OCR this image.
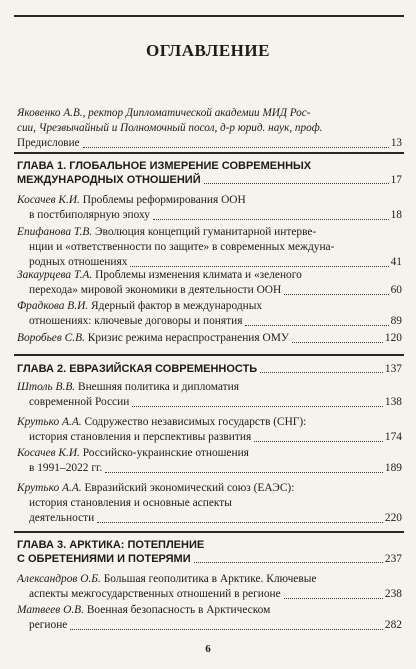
ОГЛАВЛЕНИЕ
Яковенко А.В., ректор Дипломатической академии МИД Рос-
сии, Чрезвычайный и Полномочный посол, д-р юрид. наук, проф.
Предисловие	13
ГЛАВА 1. ГЛОБАЛЬНОЕ ИЗМЕРЕНИЕ СОВРЕМЕННЫХ
МЕЖДУНАРОДНЫХ ОТНОШЕНИЙ	17
Косачев К.И. Проблемы реформирования ООН
в постбиполярную эпоху	18
Епифанова Т.В. Эволюция концепций гуманитарной интерве-
нции и «ответственности по защите» в современных междуна-
родных отношениях	41
Закаурцева Т.А. Проблемы изменения климата и «зеленого
перехода» мировой экономики в деятельности ООН	60
Фрадкова В.И. Ядерный фактор в международных
отношениях: ключевые договоры и понятия	89
Воробьев С.В. Кризис режима нераспространения ОМУ	120
ГЛАВА 2. ЕВРАЗИЙСКАЯ СОВРЕМЕННОСТЬ	137
Штоль В.В. Внешняя политика и дипломатия
современной России	138
Крутько А.А. Содружество независимых государств (СНГ):
история становления и перспективы развития	174
Косачев К.И. Российско-украинские отношения
в 1991–2022 гг.	189
Крутько А.А. Евразийский экономический союз (ЕАЭС):
история становления и основные аспекты
деятельности	220
ГЛАВА 3. АРКТИКА: ПОТЕПЛЕНИЕ
С ОБРЕТЕНИЯМИ И ПОТЕРЯМИ	237
Александров О.Б. Большая геополитика в Арктике. Ключевые
аспекты межгосударственных отношений в регионе	238
Матвеев О.В. Военная безопасность в Арктическом
регионе	282
6
